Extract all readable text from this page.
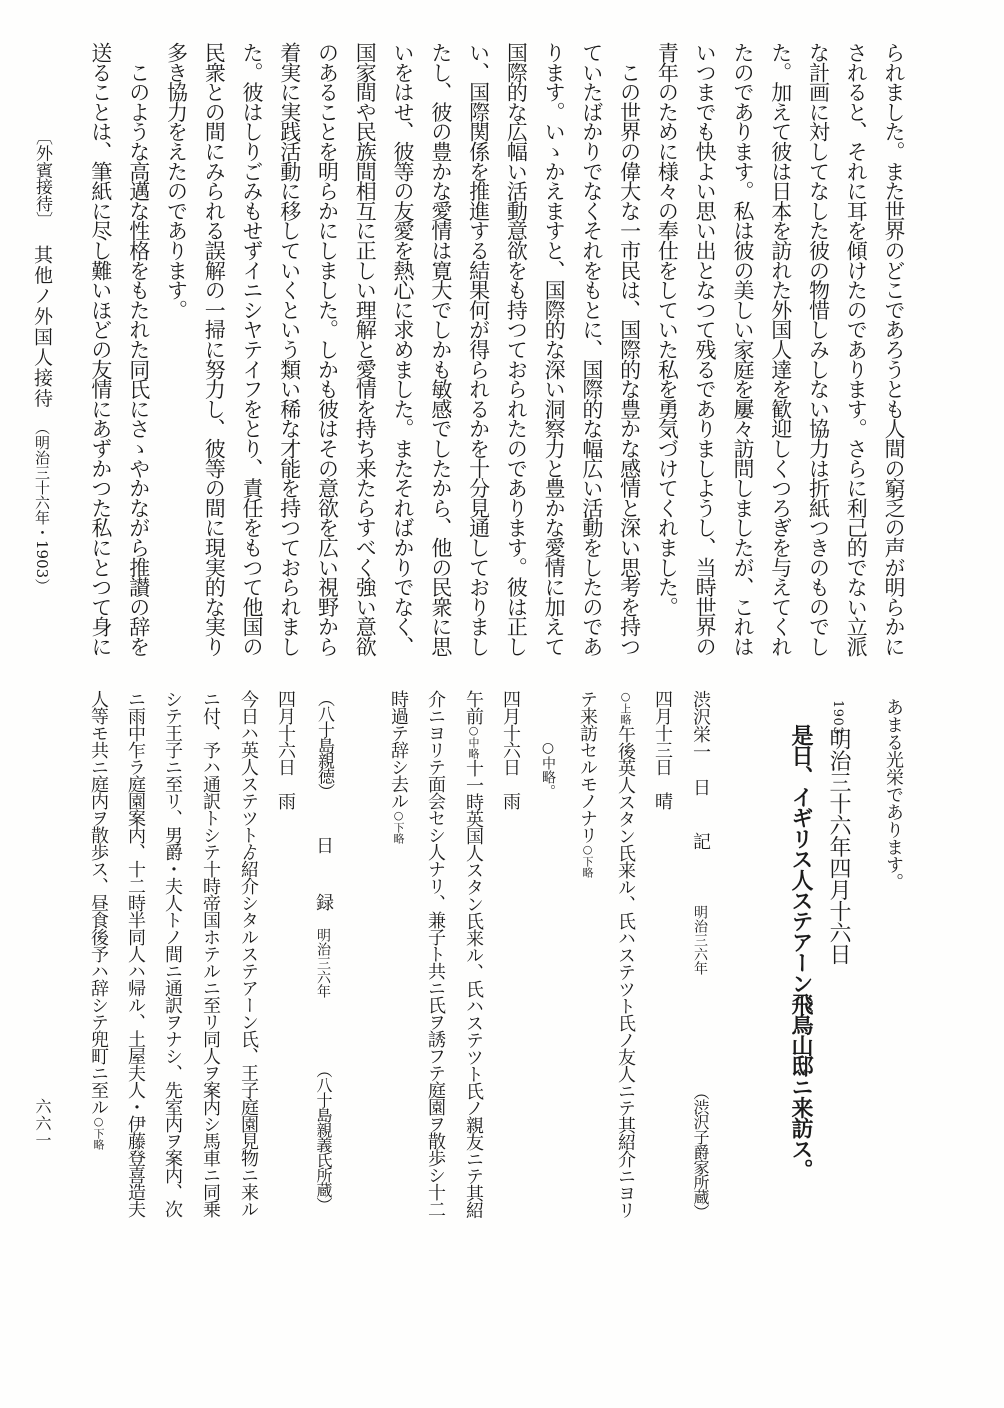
られました。また世界のどこであろうとも人間の窮乏の声が明らかに
されると、それに耳を傾けたのであります。さらに利己的でない立派
な計画に対してなした彼の物惜しみしない協力は折紙つきのものでし
た。加えて彼は日本を訪れた外国人達を歓迎しくつろぎを与えてくれ
たのであります。私は彼の美しい家庭を屢々訪問しましたが、これは
いつまでも快よい思い出となつて残るでありましようし、当時世界の
青年のために様々の奉仕をしていた私を勇気づけてくれました。
　この世界の偉大な一市民は、国際的な豊かな感情と深い思考を持つ
ていたばかりでなくそれをもとに、国際的な幅広い活動をしたのであ
ります。いゝかえますと、国際的な深い洞察力と豊かな愛情に加えて
国際的な広幅い活動意欲をも持つておられたのであります。彼は正し
い、国際関係を推進する結果何が得られるかを十分見通しておりまし
たし、彼の豊かな愛情は寛大でしかも敏感でしたから、他の民衆に思
いをはせ、彼等の友愛を熱心に求めました。またそればかりでなく、
国家間や民族間相互に正しい理解と愛情を持ち来たらすべく強い意欲
のあることを明らかにしました。しかも彼はその意欲を広い視野から
着実に実践活動に移していくという類い稀な才能を持つておられまし
た。彼はしりごみもせずイニシヤテイフをとり、責任をもつて他国の
民衆との間にみられる誤解の一掃に努力し、彼等の間に現実的な実り
多き協力をえたのであります。
　このような高邁な性格をもたれた同氏にさゝやかながら推讃の辞を
送ることは、筆紙に尽し難いほどの友情にあずかつた私にとつて身に
〔外賓接待〕
其他ノ外国人接待
（明治三十六年・1903）
六六一
あまる光栄であります。
1903
明治三十六年四月十六日
是日、イギリス人ステアーン飛鳥山邸ニ来訪ス。
渋沢栄一
日
記
明治三六年
（渋沢子爵家所蔵）
四月十三日　晴
○上略午後英人スタン氏来ル、氏ハステツト氏ノ友人ニテ其紹介ニヨリ
テ来訪セルモノナリ○下略
○中略。
四月十六日　雨
午前○中略十一時英国人スタン氏来ル、氏ハステツト氏ノ親友ニテ其紹
介ニヨリテ面会セシ人ナリ、兼子ト共ニ氏ヲ誘フテ庭園ヲ散歩シ十二
時過テ辞シ去ル○下略
（八十島親徳）
日
録
明治三六年
（八十島親義氏所蔵）
四月十六日　雨
今日ハ英人ステツトゟ紹介シタルステアーン氏、王子庭園見物ニ来ル
ニ付、予ハ通訳トシテ十時帝国ホテルニ至リ同人ヲ案内シ馬車ニ同乗
シテ王子ニ至リ、男爵・夫人トノ間ニ通訳ヲナシ、先室内ヲ案内、次
ニ雨中乍ラ庭園案内、十二時半同人ハ帰ル、土屋夫人・伊藤登喜造夫
人等モ共ニ庭内ヲ散歩ス、昼食後予ハ辞シテ兜町ニ至ル○下略
